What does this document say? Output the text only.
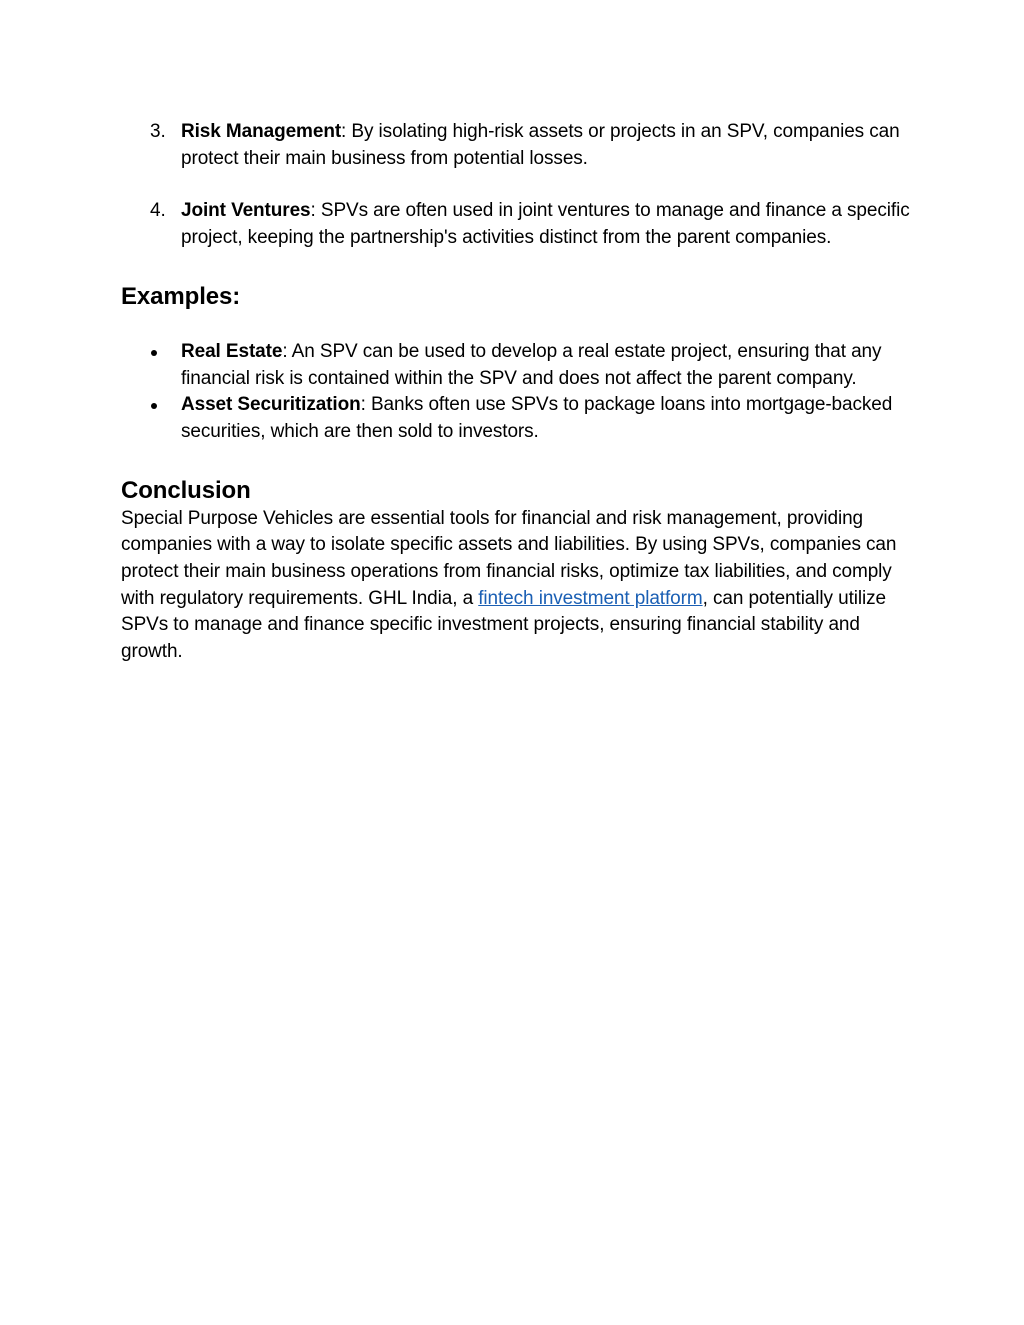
3. Risk Management: By isolating high-risk assets or projects in an SPV, companies can protect their main business from potential losses.
4. Joint Ventures: SPVs are often used in joint ventures to manage and finance a specific project, keeping the partnership's activities distinct from the parent companies.
Examples:
Real Estate: An SPV can be used to develop a real estate project, ensuring that any financial risk is contained within the SPV and does not affect the parent company.
Asset Securitization: Banks often use SPVs to package loans into mortgage-backed securities, which are then sold to investors.
Conclusion

Special Purpose Vehicles are essential tools for financial and risk management, providing companies with a way to isolate specific assets and liabilities. By using SPVs, companies can protect their main business operations from financial risks, optimize tax liabilities, and comply with regulatory requirements. GHL India, a fintech investment platform, can potentially utilize SPVs to manage and finance specific investment projects, ensuring financial stability and growth.
